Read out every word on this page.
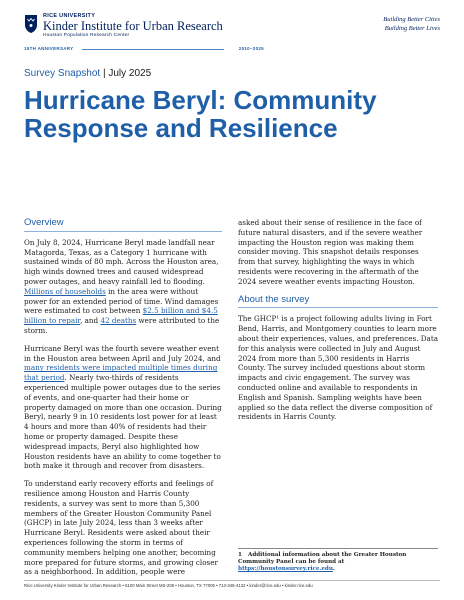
RICE UNIVERSITY
Kinder Institute for Urban Research
Houston Population Research Center
Building Better Cities
Building Better Lives
15TH ANNIVERSARY	2010–2025
Survey Snapshot | July 2025
Hurricane Beryl: Community Response and Resilience
Overview

On July 8, 2024, Hurricane Beryl made landfall near Matagorda, Texas, as a Category 1 hurricane with sustained winds of 80 mph. Across the Houston area, high winds downed trees and caused widespread power outages, and heavy rainfall led to flooding. Millions of households in the area were without power for an extended period of time. Wind damages were estimated to cost between $2.5 billion and $4.5 billion to repair, and 42 deaths were attributed to the storm.

Hurricane Beryl was the fourth severe weather event in the Houston area between April and July 2024, and many residents were impacted multiple times during that period. Nearly two-thirds of residents experienced multiple power outages due to the series of events, and one-quarter had their home or property damaged on more than one occasion. During Beryl, nearly 9 in 10 residents lost power for at least 4 hours and more than 40% of residents had their home or property damaged. Despite these widespread impacts, Beryl also highlighted how Houston residents have an ability to come together to both make it through and recover from disasters.

To understand early recovery efforts and feelings of resilience among Houston and Harris County residents, a survey was sent to more than 5,300 members of the Greater Houston Community Panel (GHCP) in late July 2024, less than 3 weeks after Hurricane Beryl. Residents were asked about their experiences following the storm in terms of community members helping one another, becoming more prepared for future storms, and growing closer as a neighborhood. In addition, people were

asked about their sense of resilience in the face of future natural disasters, and if the severe weather impacting the Houston region was making them consider moving. This snapshot details responses from that survey, highlighting the ways in which residents were recovering in the aftermath of the 2024 severe weather events impacting Houston.

About the survey

The GHCP¹ is a project following adults living in Fort Bend, Harris, and Montgomery counties to learn more about their experiences, values, and preferences. Data for this analysis were collected in July and August 2024 from more than 5,300 residents in Harris County. The survey included questions about storm impacts and civic engagement. The survey was conducted online and available to respondents in English and Spanish. Sampling weights have been applied so the data reflect the diverse composition of residents in Harris County.

1 Additional information about the Greater Houston Community Panel can be found at https://houstonsurvey.rice.edu.
Rice University Kinder Institute for Urban Research • 6100 Main Street MS-208 • Houston, TX 77005 • 713-348-4132 • kinder@rice.edu • kinder.rice.edu
